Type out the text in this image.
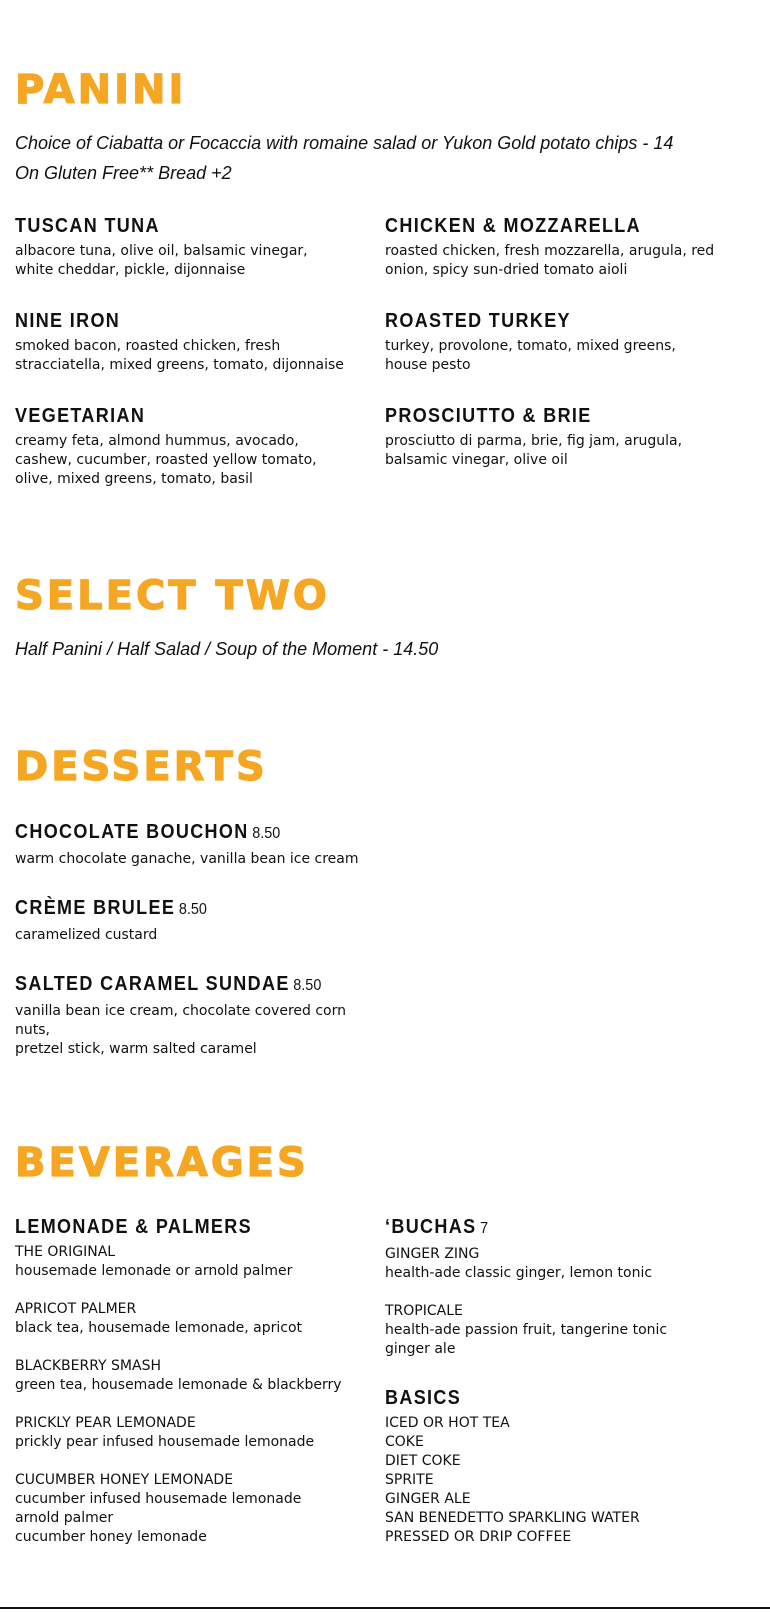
PANINI

Choice of Ciabatta or Focaccia with romaine salad or Yukon Gold potato chips - 14

On Gluten Free** Bread +2

TUSCAN TUNA

albacore tuna, olive oil, balsamic vinegar, white cheddar, pickle, dijonnaise

CHICKEN & MOZZARELLA

roasted chicken, fresh mozzarella, arugula, red onion, spicy sun-dried tomato aioli

NINE IRON

smoked bacon, roasted chicken, fresh stracciatella, mixed greens, tomato, dijonnaise

ROASTED TURKEY

turkey, provolone, tomato, mixed greens, house pesto

VEGETARIAN

creamy feta, almond hummus, avocado, cashew, cucumber, roasted yellow tomato, olive, mixed greens, tomato, basil

PROSCIUTTO & BRIE

prosciutto di parma, brie, fig jam, arugula, balsamic vinegar, olive oil

SELECT TWO

Half Panini / Half Salad / Soup of the Moment - 14.50

DESSERTS
CHOCOLATE BOUCHON 8.50

warm chocolate ganache, vanilla bean ice cream

CRÈME BRULEE 8.50

caramelized custard

SALTED CARAMEL SUNDAE 8.50
vanilla bean ice cream, chocolate covered corn nuts,
pretzel stick, warm salted caramel
BEVERAGES
LEMONADE & PALMERS
THE ORIGINAL
housemade lemonade or arnold palmer
APRICOT PALMER
black tea, housemade lemonade, apricot
BLACKBERRY SMASH
green tea, housemade lemonade & blackberry
PRICKLY PEAR LEMONADE
prickly pear infused housemade lemonade
CUCUMBER HONEY LEMONADE
cucumber infused housemade lemonade
arnold palmer
cucumber honey lemonade
‘BUCHAS 7
GINGER ZING
health-ade classic ginger, lemon tonic
TROPICALE
health-ade passion fruit, tangerine tonic
ginger ale
BASICS
ICED OR HOT TEA
COKE
DIET COKE
SPRITE
GINGER ALE
SAN BENEDETTO SPARKLING WATER
PRESSED OR DRIP COFFEE
